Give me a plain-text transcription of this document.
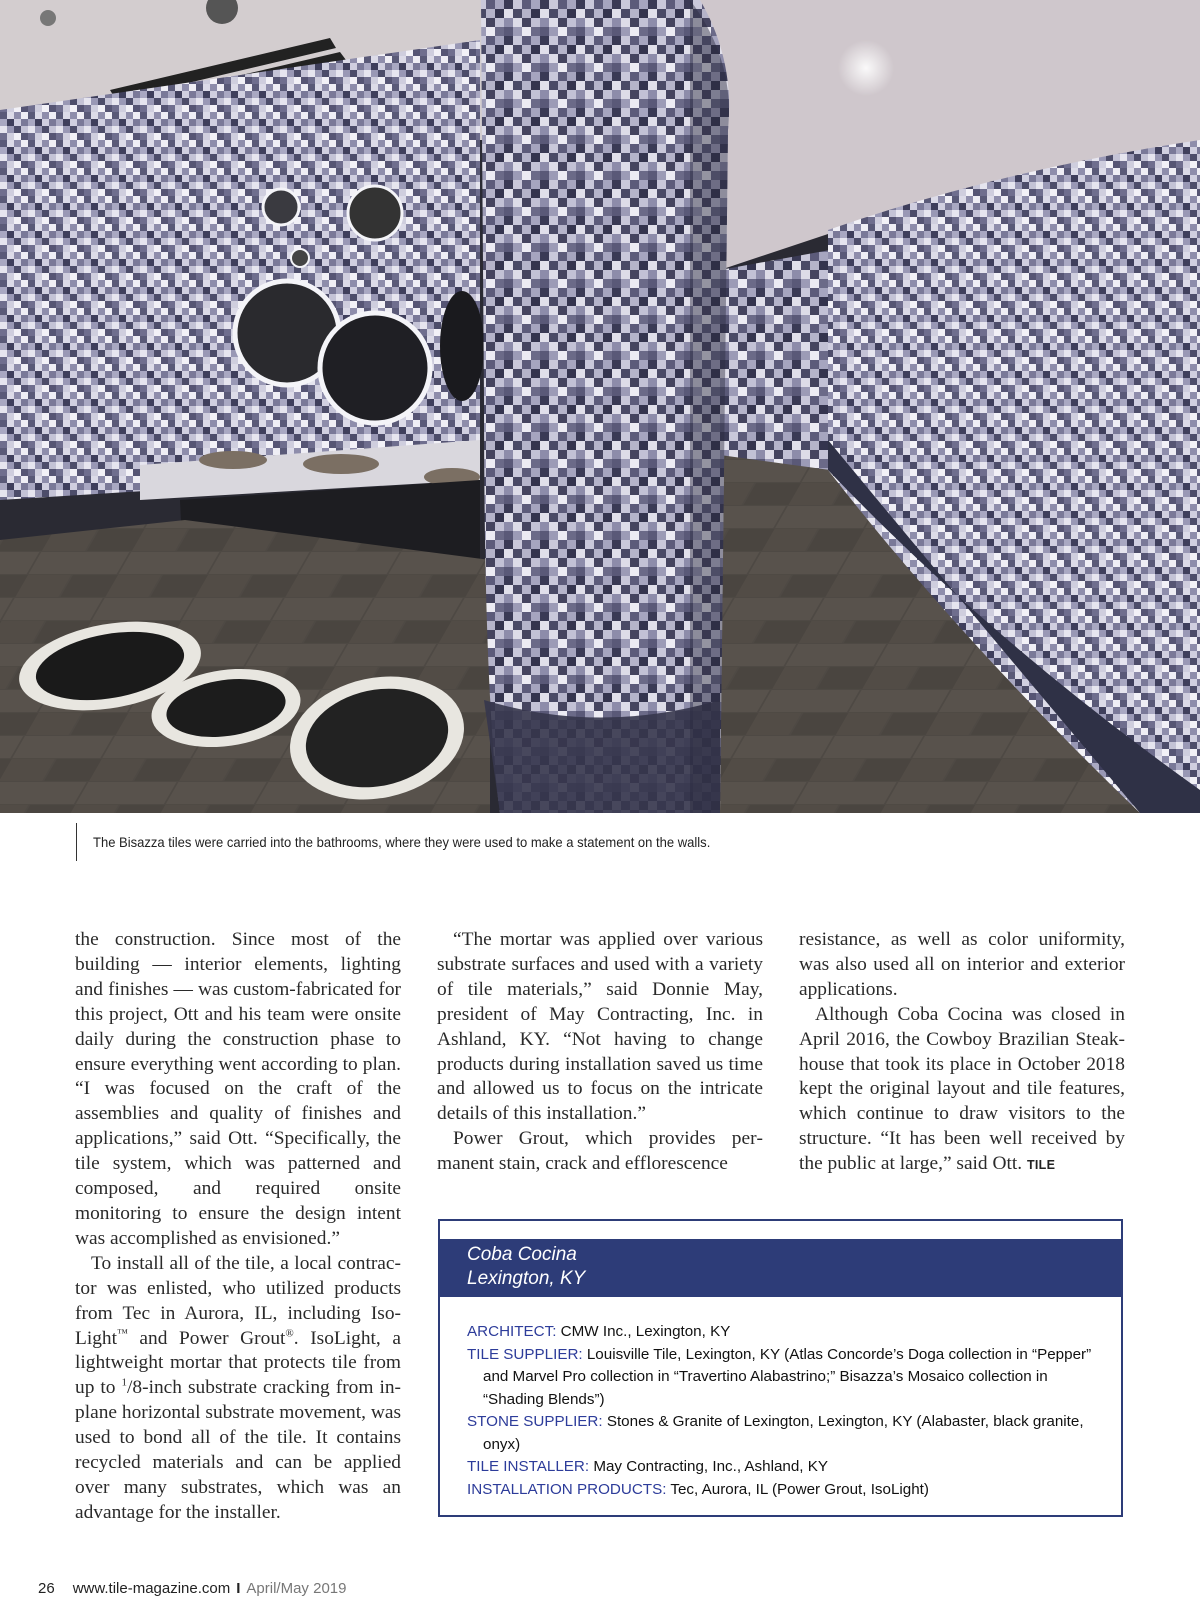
The Bisazza tiles were carried into the bathrooms, where they were used to make a statement on the walls.

the construction. Since most of the building — interior elements, lighting and finishes — was custom-fabricated for this project, Ott and his team were onsite daily during the construction phase to ensure everything went according to plan. “I was focused on the craft of the assemblies and quality of finishes and applications,” said Ott. “Specifically, the tile system, which was patterned and composed, and required onsite monitoring to ensure the design intent was accomplished as envisioned.”

To install all of the tile, a local contractor was enlisted, who utilized products from Tec in Aurora, IL, including IsoLight™ and Power Grout®. IsoLight, a lightweight mortar that protects tile from up to $^1$/8-inch substrate cracking from in-plane horizontal substrate movement, was used to bond all of the tile. It contains recycled materials and can be applied over many substrates, which was an advantage for the installer.

“The mortar was applied over various substrate surfaces and used with a variety of tile materials,” said Donnie May, president of May Contracting, Inc. in Ashland, KY. “Not having to change products during installation saved us time and allowed us to focus on the intricate details of this installation.”

Power Grout, which provides permanent stain, crack and efflorescence

resistance, as well as color uniformity, was also used all on interior and exterior applications.

Although Coba Cocina was closed in April 2016, the Cowboy Brazilian Steakhouse that took its place in October 2018 kept the original layout and tile features, which continue to draw visitors to the structure. “It has been well received by the public at large,” said Ott. TILE

Coba Cocina
Lexington, KY
ARCHITECT: CMW Inc., Lexington, KY
TILE SUPPLIER: Louisville Tile, Lexington, KY (Atlas Concorde’s Doga collection in “Pepper” and Marvel Pro collection in “Travertino Alabastrino;” Bisazza’s Mosaico collection in “Shading Blends”)
STONE SUPPLIER: Stones & Granite of Lexington, Lexington, KY (Alabaster, black granite, onyx)
TILE INSTALLER: May Contracting, Inc., Ashland, KY
INSTALLATION PRODUCTS: Tec, Aurora, IL (Power Grout, IsoLight)
26 www.tile-magazine.com I April/May 2019
